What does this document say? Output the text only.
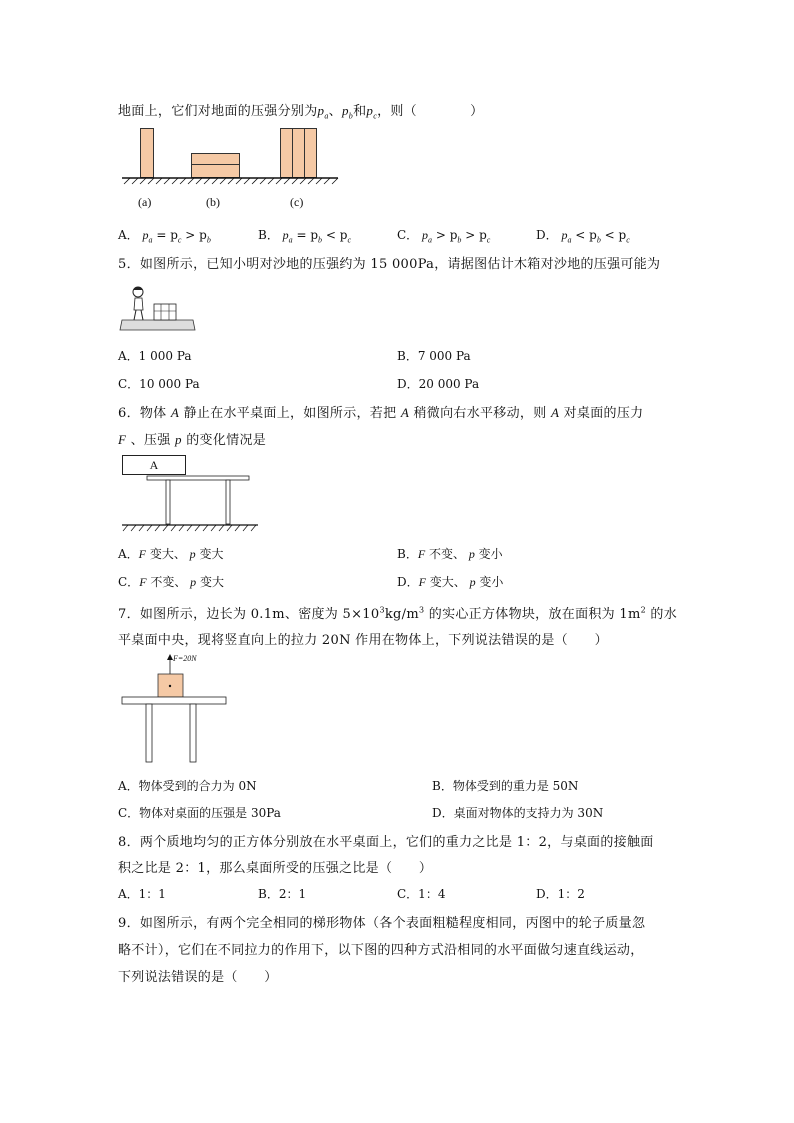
地面上，它们对地面的压强分别为$p_a$、$p_b$和$p_c$，则（　　　　）
(a)	(b)	(c)
A． $p_a = p_c > p_b$	B． $p_a = p_b < p_c$	C． $p_a > p_b > p_c$	D． $p_a < p_b < p_c$
5．如图所示，已知小明对沙地的压强约为 15 000Pa，请据图估计木箱对沙地的压强可能为
A．1 000 Pa	B．7 000 Pa
C．10 000 Pa	D．20 000 Pa
6．物体 A 静止在水平桌面上，如图所示，若把 A 稍微向右水平移动，则 A 对桌面的压力
F 、压强 p 的变化情况是
A
A．F 变大、 p 变大	B．F 不变、 p 变小
C．F 不变、 p 变大	D．F 变大、 p 变小
7．如图所示，边长为 0.1m、密度为 $5\times 10^3kg/m^3$ 的实心正方体物块，放在面积为 $1m^2$ 的水
平桌面中央，现将竖直向上的拉力 20N 作用在物体上，下列说法错误的是（　　）
F=20N
A．物体受到的合力为 0N	B．物体受到的重力是 50N
C．物体对桌面的压强是 30Pa	D．桌面对物体的支持力为 30N
8．两个质地均匀的正方体分别放在水平桌面上，它们的重力之比是 1：2，与桌面的接触面
积之比是 2：1，那么桌面所受的压强之比是（　　）
A．1：1	B．2：1	C．1：4	D．1：2
9．如图所示，有两个完全相同的梯形物体（各个表面粗糙程度相同，丙图中的轮子质量忽
略不计），它们在不同拉力的作用下，以下图的四种方式沿相同的水平面做匀速直线运动，
下列说法错误的是（　　）
